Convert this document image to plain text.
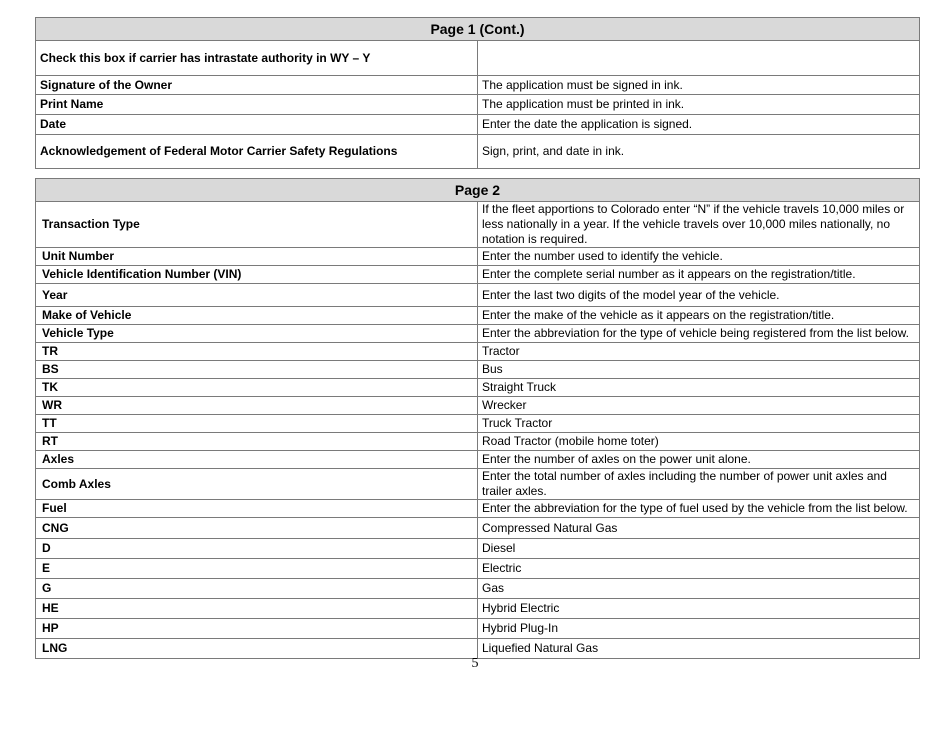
Page 1 (Cont.)	
Check this box if carrier has intrastate authority in WY – Y	
Signature of the Owner	The application must be signed in ink.
Print Name	The application must be printed in ink.
Date	Enter the date the application is signed.
Acknowledgement of Federal Motor Carrier Safety Regulations	Sign, print, and date in ink.
Page 2	
Transaction Type	If the fleet apportions to Colorado enter “N” if the vehicle travels 10,000 miles or less nationally in a year. If the vehicle travels over 10,000 miles nationally, no notation is required.
Unit Number	Enter the number used to identify the vehicle.
Vehicle Identification Number (VIN)	Enter the complete serial number as it appears on the registration/title.
Year	Enter the last two digits of the model year of the vehicle.
Make of Vehicle	Enter the make of the vehicle as it appears on the registration/title.
Vehicle Type	Enter the abbreviation for the type of vehicle being registered from the list below.
TR	Tractor
BS	Bus
TK	Straight Truck
WR	Wrecker
TT	Truck Tractor
RT	Road Tractor (mobile home toter)
Axles	Enter the number of axles on the power unit alone.
Comb Axles	Enter the total number of axles including the number of power unit axles and trailer axles.
Fuel	Enter the abbreviation for the type of fuel used by the vehicle from the list below.
CNG	Compressed Natural Gas
D	Diesel
E	Electric
G	Gas
HE	Hybrid Electric
HP	Hybrid Plug-In
LNG	Liquefied Natural Gas
5
